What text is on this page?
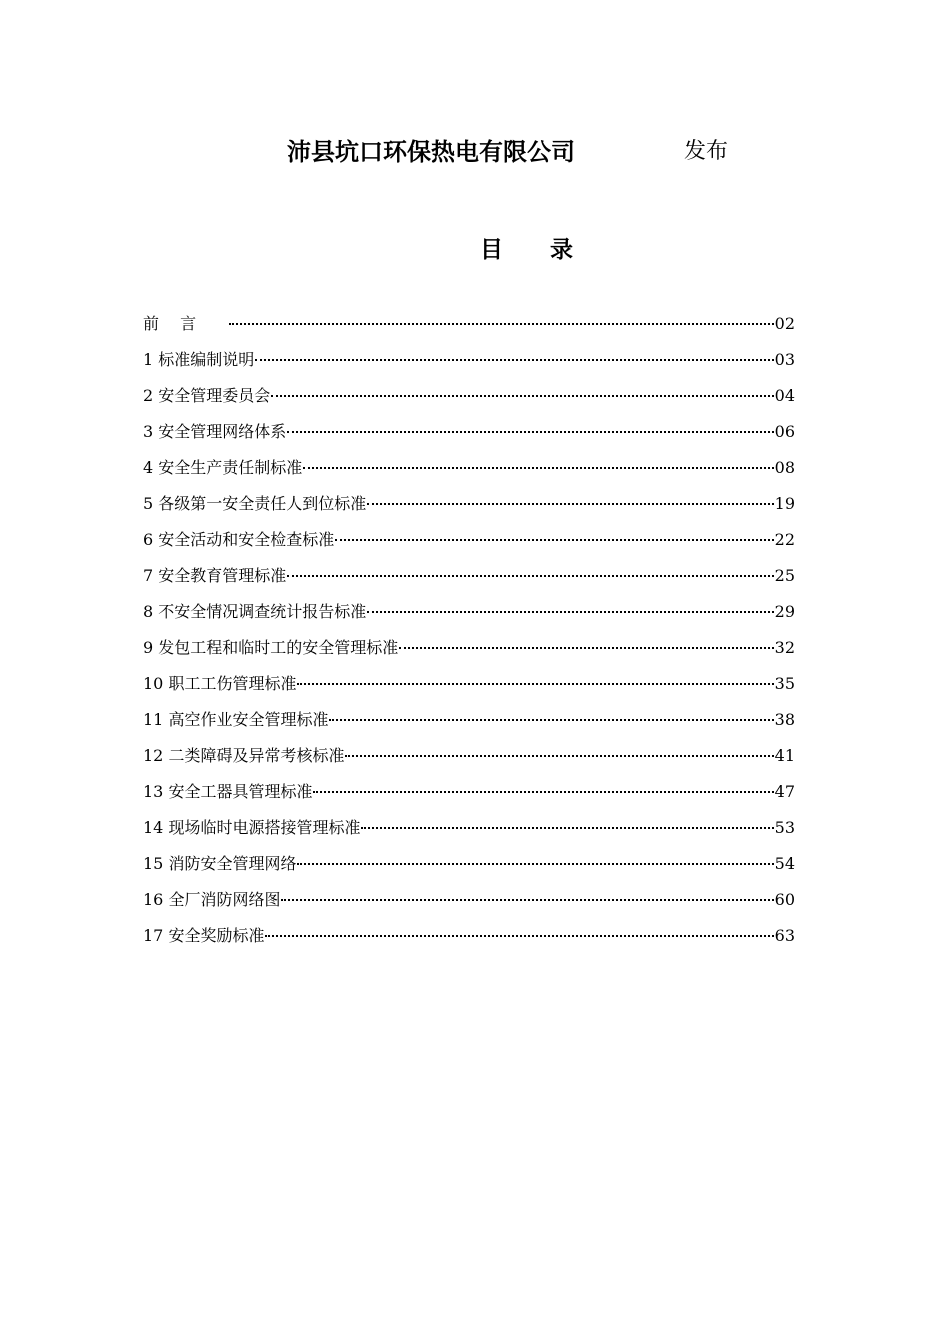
沛县坑口环保热电有限公司	发布
目 录
前　 言　　	02
1 标准编制说明	03
2 安全管理委员会	04
3 安全管理网络体系	06
4 安全生产责任制标准	08
5 各级第一安全责任人到位标准	19
6 安全活动和安全检查标准	22
7 安全教育管理标准	25
8 不安全情况调查统计报告标准	29
9 发包工程和临时工的安全管理标准	32
10 职工工伤管理标准	35
11 高空作业安全管理标准	38
12 二类障碍及异常考核标准	41
13 安全工器具管理标准	47
14 现场临时电源搭接管理标准	53
15 消防安全管理网络	54
16 全厂消防网络图	60
17 安全奖励标准	63
